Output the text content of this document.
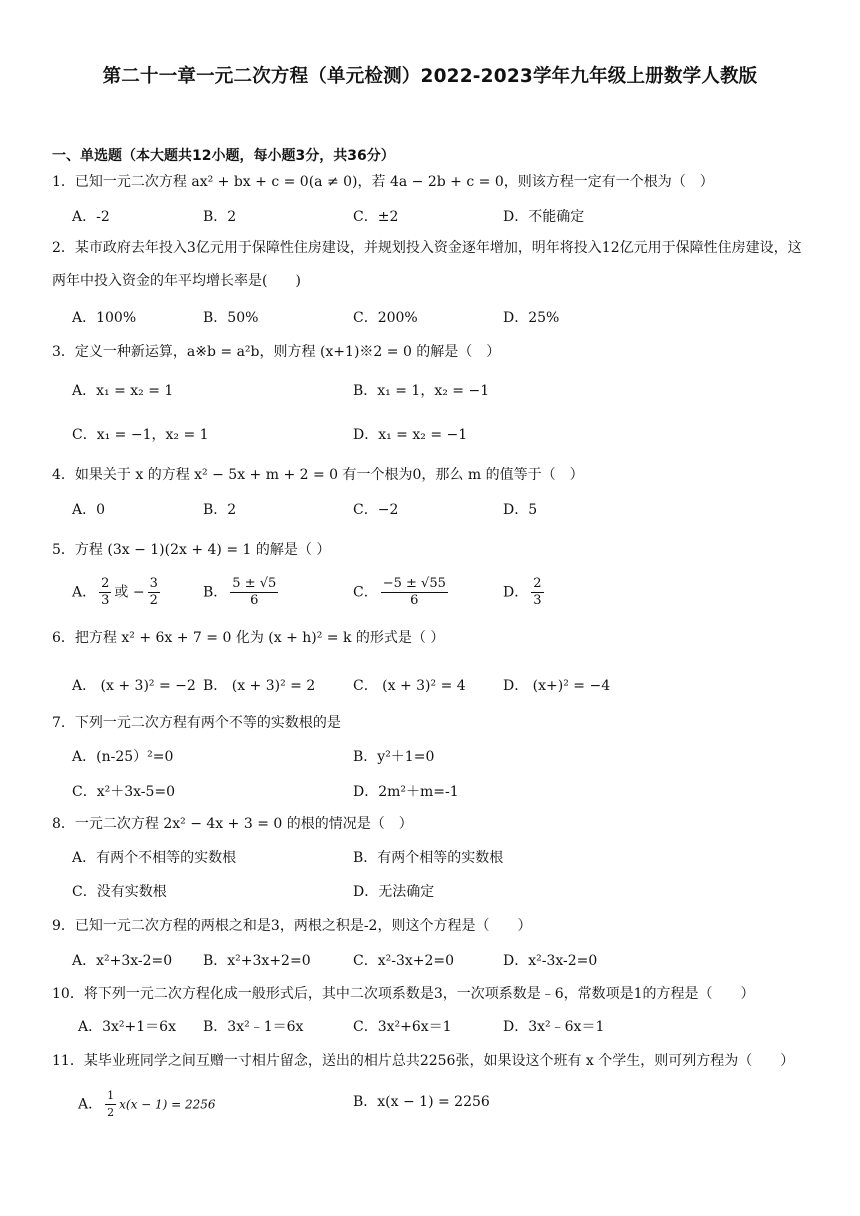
第二十一章一元二次方程（单元检测）2022-2023学年九年级上册数学人教版
一、单选题（本大题共12小题，每小题3分，共36分）
1．已知一元二次方程 ax² + bx + c = 0(a ≠ 0)，若 4a − 2b + c = 0，则该方程一定有一个根为（　）
A．-2	B．2	C．±2	D．不能确定
2．某市政府去年投入3亿元用于保障性住房建设，并规划投入资金逐年增加，明年将投入12亿元用于保障性住房建设，这两年中投入资金的年平均增长率是(　　)
A．100%	B．50%	C．200%	D．25%
3．定义一种新运算，a※b = a²b，则方程 (x+1)※2 = 0 的解是（　）
A．x₁ = x₂ = 1	B．x₁ = 1，x₂ = −1
C．x₁ = −1，x₂ = 1	D．x₁ = x₂ = −1
4．如果关于 x 的方程 x² − 5x + m + 2 = 0 有一个根为0，那么 m 的值等于（　）
A．0	B．2	C．−2	D．5
5．方程 (3x − 1)(2x + 4) = 1 的解是（ ）
A． $\frac{2}{3}$ 或 − $\frac{3}{2}$	B． $\frac{5 \pm √5}{6}$	C． $\frac{-5 \pm √55}{6}$	D． $\frac{2}{3}$
6．把方程 x² + 6x + 7 = 0 化为 (x + h)² = k 的形式是（ ）
A． (x + 3)² = −2 B． (x + 3)² = 2	C． (x + 3)² = 4	D． (x+)² = −4
7．下列一元二次方程有两个不等的实数根的是
A．(n-25）²=0	B．y²＋1=0
C．x²＋3x-5=0	D．2m²＋m=-1
8．一元二次方程 2x² − 4x + 3 = 0 的根的情况是（　）
A．有两个不相等的实数根	B．有两个相等的实数根
C．没有实数根	D．无法确定
9．已知一元二次方程的两根之和是3，两根之积是-2，则这个方程是（　　）
A．x²+3x-2=0 B．x²+3x+2=0	C．x²-3x+2=0	D．x²-3x-2=0
10．将下列一元二次方程化成一般形式后，其中二次项系数是3，一次项系数是﹣6，常数项是1的方程是（　　）
A．3x²+1＝6x B．3x²﹣1＝6x	C．3x²+6x＝1	D．3x²﹣6x＝1
11．某毕业班同学之间互赠一寸相片留念，送出的相片总共2256张，如果设这个班有 x 个学生，则可列方程为（　　）
A． $\frac{1}{2} x(x - 1) = 2256$	B．x(x − 1) = 2256
